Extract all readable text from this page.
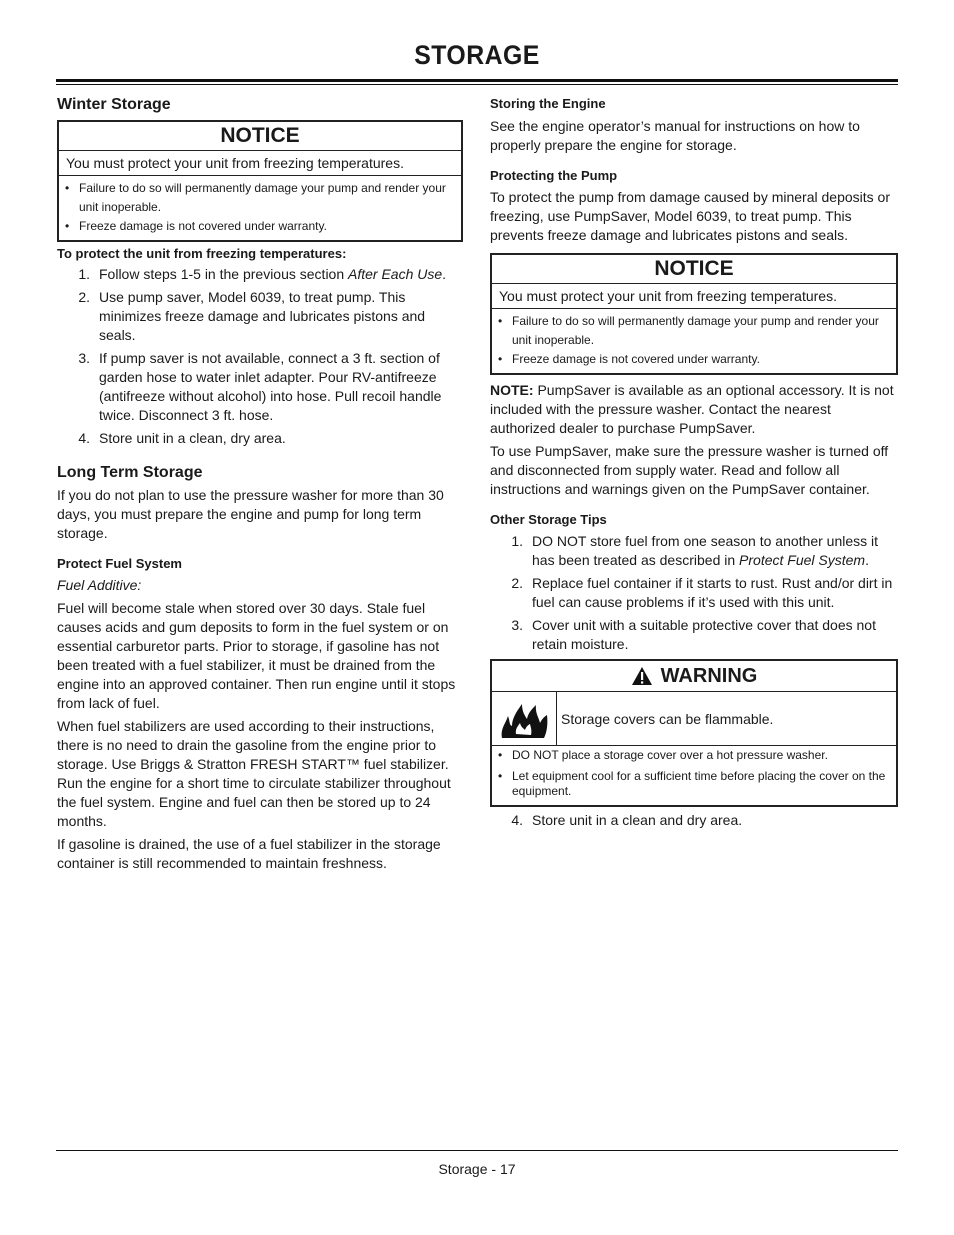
STORAGE
Winter Storage
NOTICE
You must protect your unit from freezing temperatures.
• Failure to do so will permanently damage your pump and render your unit inoperable.
• Freeze damage is not covered under warranty.
To protect the unit from freezing temperatures:
1. Follow steps 1-5 in the previous section After Each Use.
2. Use pump saver, Model 6039, to treat pump. This minimizes freeze damage and lubricates pistons and seals.
3. If pump saver is not available, connect a 3 ft. section of garden hose to water inlet adapter. Pour RV-antifreeze (antifreeze without alcohol) into hose. Pull recoil handle twice. Disconnect 3 ft. hose.
4. Store unit in a clean, dry area.
Long Term Storage

If you do not plan to use the pressure washer for more than 30 days, you must prepare the engine and pump for long term storage.

Protect Fuel System

Fuel Additive:

Fuel will become stale when stored over 30 days. Stale fuel causes acids and gum deposits to form in the fuel system or on essential carburetor parts. Prior to storage, if gasoline has not been treated with a fuel stabilizer, it must be drained from the engine into an approved container. Then run engine until it stops from lack of fuel.

When fuel stabilizers are used according to their instructions, there is no need to drain the gasoline from the engine prior to storage. Use Briggs & Stratton FRESH START™ fuel stabilizer. Run the engine for a short time to circulate stabilizer throughout the fuel system. Engine and fuel can then be stored up to 24 months.

If gasoline is drained, the use of a fuel stabilizer in the storage container is still recommended to maintain freshness.

Storing the Engine

See the engine operator’s manual for instructions on how to properly prepare the engine for storage.

Protecting the Pump

To protect the pump from damage caused by mineral deposits or freezing, use PumpSaver, Model 6039, to treat pump. This prevents freeze damage and lubricates pistons and seals.

NOTICE
You must protect your unit from freezing temperatures.
• Failure to do so will permanently damage your pump and render your unit inoperable.
• Freeze damage is not covered under warranty.

NOTE: PumpSaver is available as an optional accessory. It is not included with the pressure washer. Contact the nearest authorized dealer to purchase PumpSaver.

To use PumpSaver, make sure the pressure washer is turned off and disconnected from supply water. Read and follow all instructions and warnings given on the PumpSaver container.

Other Storage Tips
1. DO NOT store fuel from one season to another unless it has been treated as described in Protect Fuel System.
2. Replace fuel container if it starts to rust. Rust and/or dirt in fuel can cause problems if it’s used with this unit.
3. Cover unit with a suitable protective cover that does not retain moisture.
WARNING
Storage covers can be flammable.
• DO NOT place a storage cover over a hot pressure washer.
• Let equipment cool for a sufficient time before placing the cover on the equipment.
4. Store unit in a clean and dry area.
Storage - 17
